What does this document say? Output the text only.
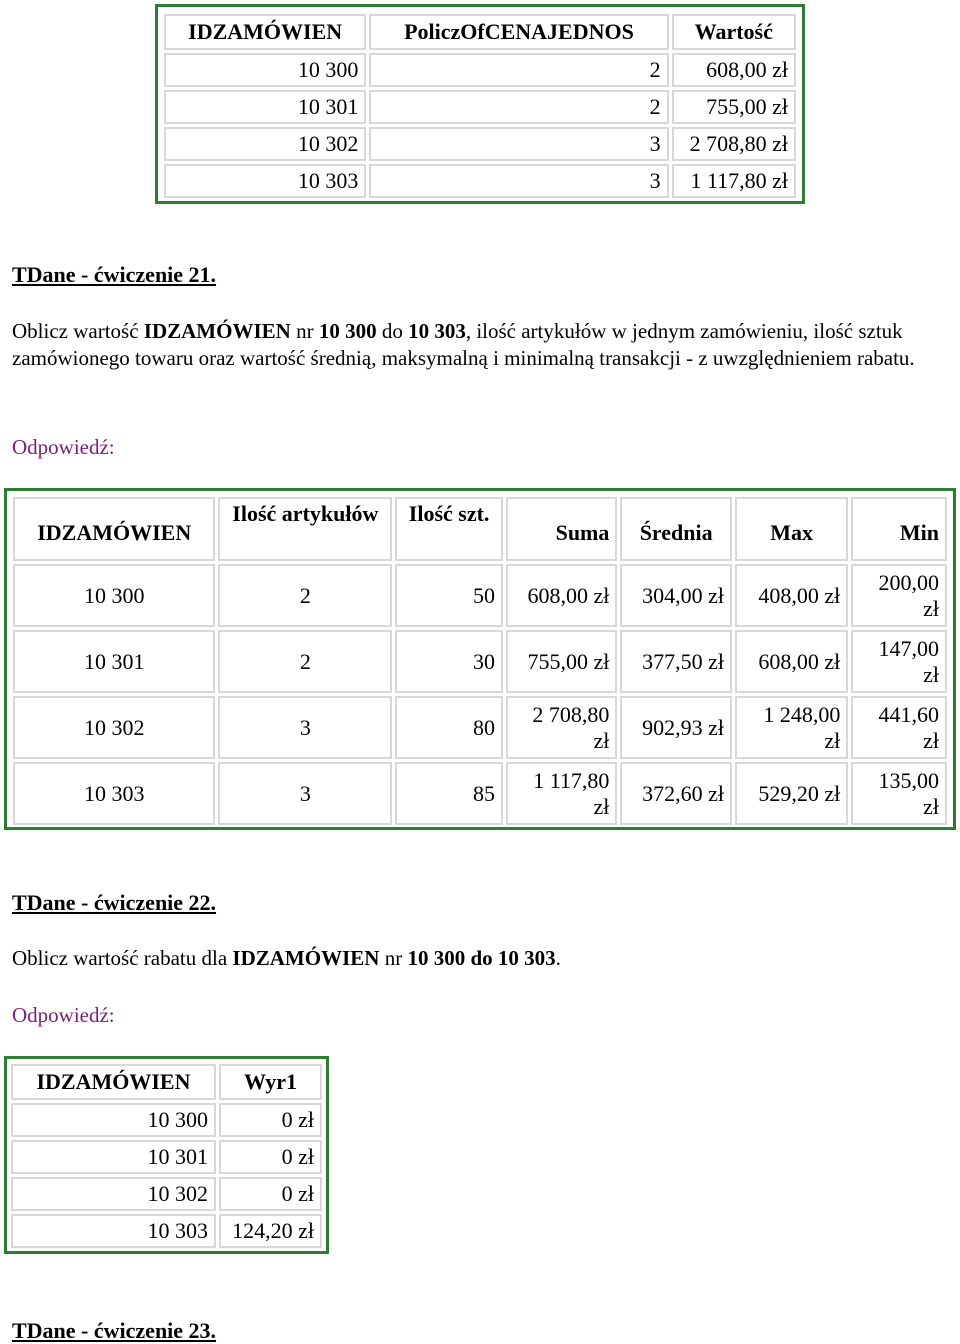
IDZAMÓWIEN	PoliczOfCENAJEDNOS	Wartość
10 300	2	608,00 zł
10 301	2	755,00 zł
10 302	3	2 708,80 zł
10 303	3	1 117,80 zł
TDane - ćwiczenie 21.
Oblicz wartość IDZAMÓWIEN nr 10 300 do 10 303, ilość artykułów w jednym zamówieniu, ilość sztuk zamówionego towaru oraz wartość średnią, maksymalną i minimalną transakcji - z uwzględnieniem rabatu.
Odpowiedź:
IDZAMÓWIEN	Ilość artykułów	Ilość szt.	Suma	Średnia	Max	Min
10 300	2	50	608,00 zł	304,00 zł	408,00 zł	200,00 zł
10 301	2	30	755,00 zł	377,50 zł	608,00 zł	147,00 zł
10 302	3	80	2 708,80 zł	902,93 zł	1 248,00 zł	441,60 zł
10 303	3	85	1 117,80 zł	372,60 zł	529,20 zł	135,00 zł
TDane - ćwiczenie 22.
Oblicz wartość rabatu dla IDZAMÓWIEN nr 10 300 do 10 303.
Odpowiedź:
IDZAMÓWIEN	Wyr1
10 300	0 zł
10 301	0 zł
10 302	0 zł
10 303	124,20 zł
TDane - ćwiczenie 23.
